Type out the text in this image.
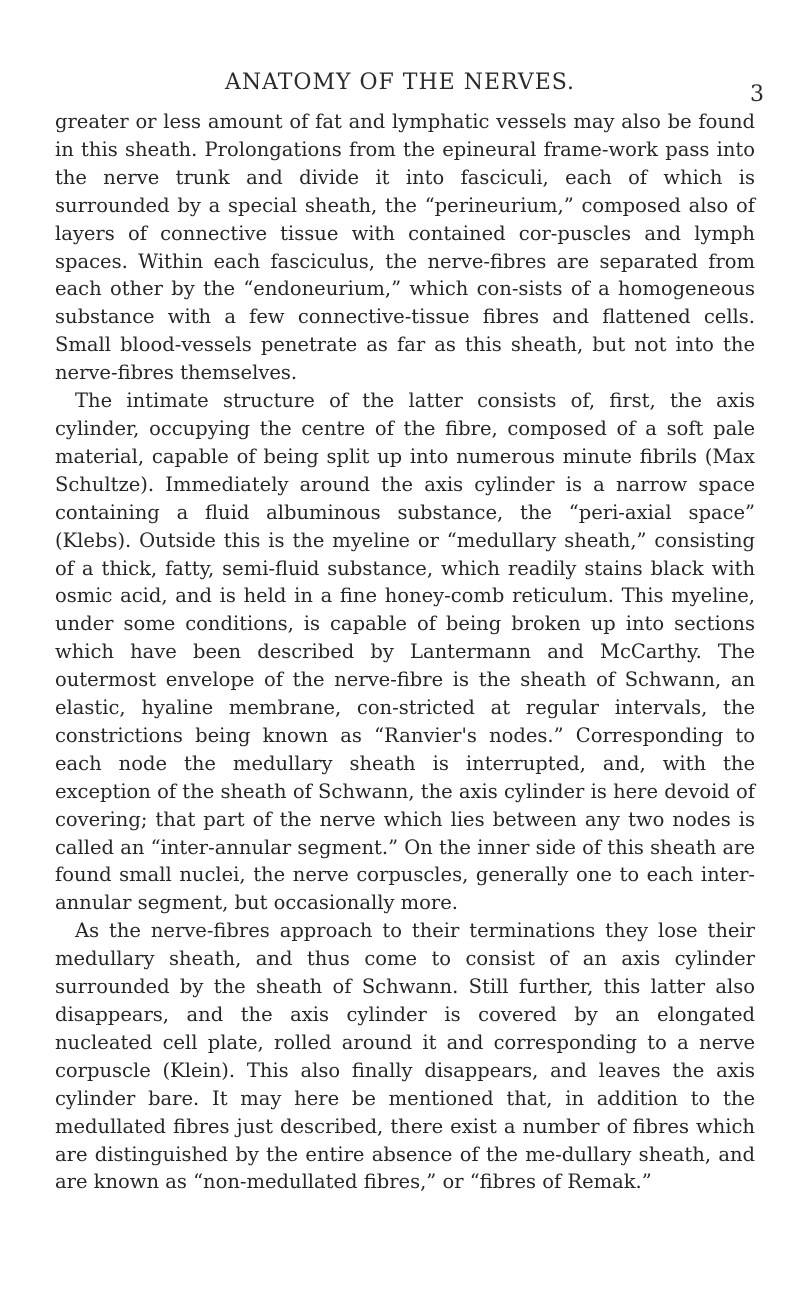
ANATOMY OF THE NERVES.	3

greater or less amount of fat and lymphatic vessels may also be found in this sheath. Prolongations from the epineural frame-work pass into the nerve trunk and divide it into fasciculi, each of which is surrounded by a special sheath, the “perineurium,” composed also of layers of connective tissue with contained cor-puscles and lymph spaces. Within each fasciculus, the nerve-fibres are separated from each other by the “endoneurium,” which con-sists of a homogeneous substance with a few connective-tissue fibres and flattened cells. Small blood-vessels penetrate as far as this sheath, but not into the nerve-fibres themselves.

The intimate structure of the latter consists of, first, the axis cylinder, occupying the centre of the fibre, composed of a soft pale material, capable of being split up into numerous minute fibrils (Max Schultze). Immediately around the axis cylinder is a narrow space containing a fluid albuminous substance, the “peri-axial space” (Klebs). Outside this is the myeline or “medullary sheath,” consisting of a thick, fatty, semi-fluid substance, which readily stains black with osmic acid, and is held in a fine honey-comb reticulum. This myeline, under some conditions, is capable of being broken up into sections which have been described by Lantermann and McCarthy. The outermost envelope of the nerve-fibre is the sheath of Schwann, an elastic, hyaline membrane, con-stricted at regular intervals, the constrictions being known as “Ranvier's nodes.” Corresponding to each node the medullary sheath is interrupted, and, with the exception of the sheath of Schwann, the axis cylinder is here devoid of covering; that part of the nerve which lies between any two nodes is called an “inter-annular segment.” On the inner side of this sheath are found small nuclei, the nerve corpuscles, generally one to each inter-annular segment, but occasionally more.

As the nerve-fibres approach to their terminations they lose their medullary sheath, and thus come to consist of an axis cylinder surrounded by the sheath of Schwann. Still further, this latter also disappears, and the axis cylinder is covered by an elongated nucleated cell plate, rolled around it and corresponding to a nerve corpuscle (Klein). This also finally disappears, and leaves the axis cylinder bare. It may here be mentioned that, in addition to the medullated fibres just described, there exist a number of fibres which are distinguished by the entire absence of the me-dullary sheath, and are known as “non-medullated fibres,” or “fibres of Remak.”
